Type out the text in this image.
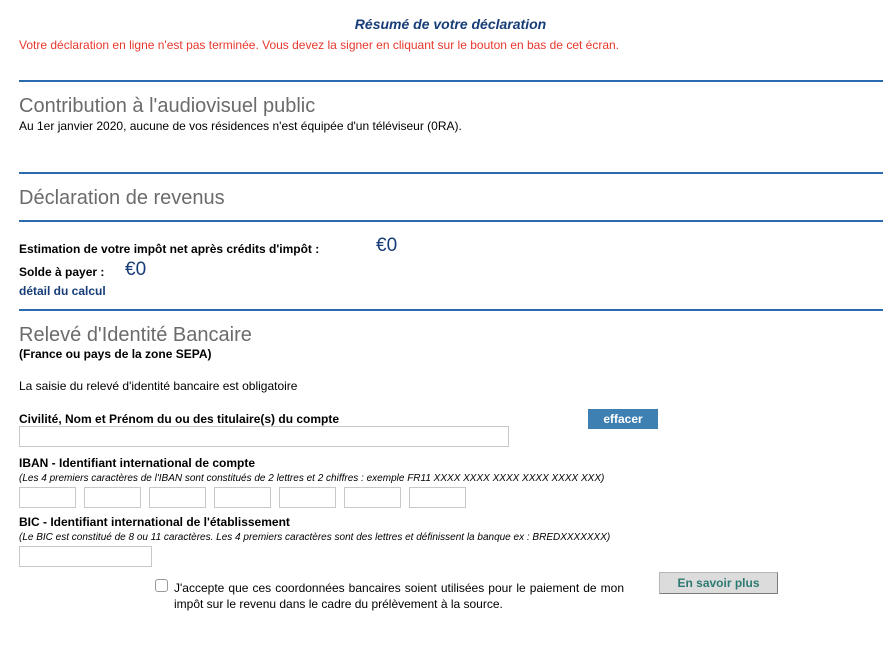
Résumé de votre déclaration
Votre déclaration en ligne n'est pas terminée. Vous devez la signer en cliquant sur le bouton en bas de cet écran.
Contribution à l'audiovisuel public
Au 1er janvier 2020, aucune de vos résidences n'est équipée d'un téléviseur (0RA).
Déclaration de revenus
Estimation de votre impôt net après crédits d'impôt :	€0
Solde à payer : €0
détail du calcul
Relevé d'Identité Bancaire
(France ou pays de la zone SEPA)
La saisie du relevé d'identité bancaire est obligatoire
Civilité, Nom et Prénom du ou des titulaire(s) du compte	effacer
IBAN - Identifiant international de compte
(Les 4 premiers caractères de l'IBAN sont constitués de 2 lettres et 2 chiffres : exemple FR11 XXXX XXXX XXXX XXXX XXXX XXX)
BIC - Identifiant international de l'établissement
(Le BIC est constitué de 8 ou 11 caractères. Les 4 premiers caractères sont des lettres et définissent la banque ex : BREDXXXXXXX)
J'accepte que ces coordonnées bancaires soient utilisées pour le paiement de mon impôt sur le revenu dans le cadre du prélèvement à la source.
En savoir plus
